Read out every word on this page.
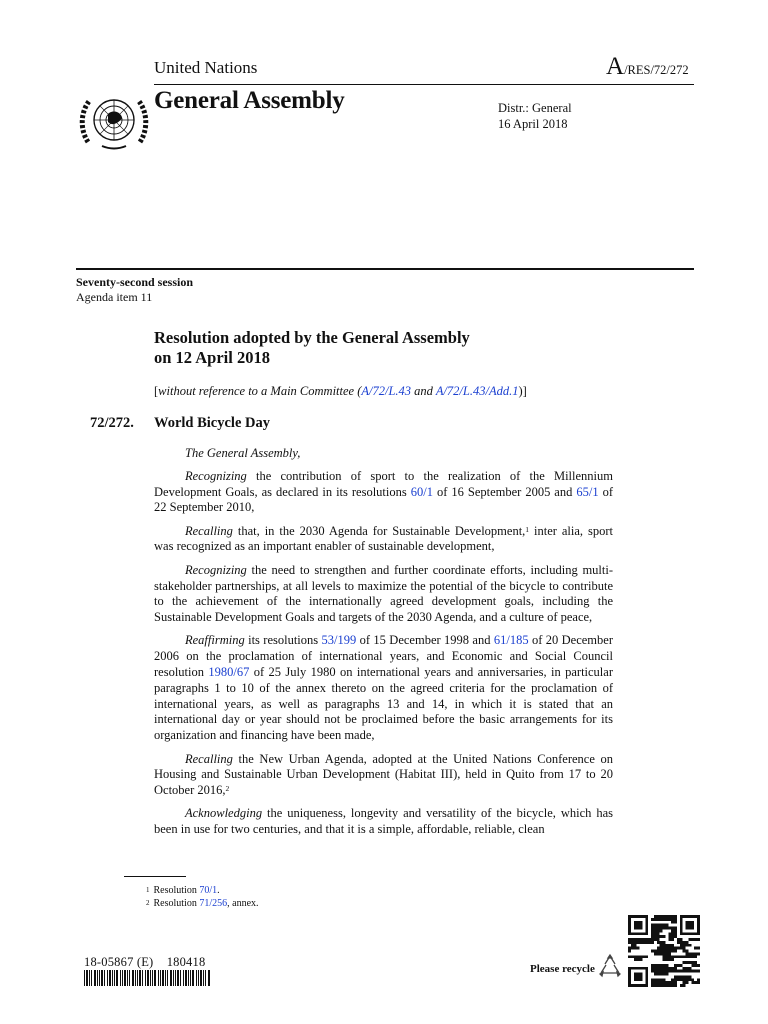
United Nations	A/RES/72/272
General Assembly	Distr.: General
16 April 2018
Seventy-second session
Agenda item 11
Resolution adopted by the General Assembly
on 12 April 2018
[without reference to a Main Committee (A/72/L.43 and A/72/L.43/Add.1)]
72/272. World Bicycle Day

The General Assembly,

Recognizing the contribution of sport to the realization of the Millennium Development Goals, as declared in its resolutions 60/1 of 16 September 2005 and 65/1 of 22 September 2010,

Recalling that, in the 2030 Agenda for Sustainable Development,$^1$ inter alia, sport was recognized as an important enabler of sustainable development,

Recognizing the need to strengthen and further coordinate efforts, including multi-stakeholder partnerships, at all levels to maximize the potential of the bicycle to contribute to the achievement of the internationally agreed development goals, including the Sustainable Development Goals and targets of the 2030 Agenda, and a culture of peace,

Reaffirming its resolutions 53/199 of 15 December 1998 and 61/185 of 20 December 2006 on the proclamation of international years, and Economic and Social Council resolution 1980/67 of 25 July 1980 on international years and anniversaries, in particular paragraphs 1 to 10 of the annex thereto on the agreed criteria for the proclamation of international years, as well as paragraphs 13 and 14, in which it is stated that an international day or year should not be proclaimed before the basic arrangements for its organization and financing have been made,

Recalling the New Urban Agenda, adopted at the United Nations Conference on Housing and Sustainable Urban Development (Habitat III), held in Quito from 17 to 20 October 2016,$^2$

Acknowledging the uniqueness, longevity and versatility of the bicycle, which has been in use for two centuries, and that it is a simple, affordable, reliable, clean

$^1$ Resolution 70/1.
$^2$ Resolution 71/256, annex.
18-05867 (E)    180418	Please recycle
